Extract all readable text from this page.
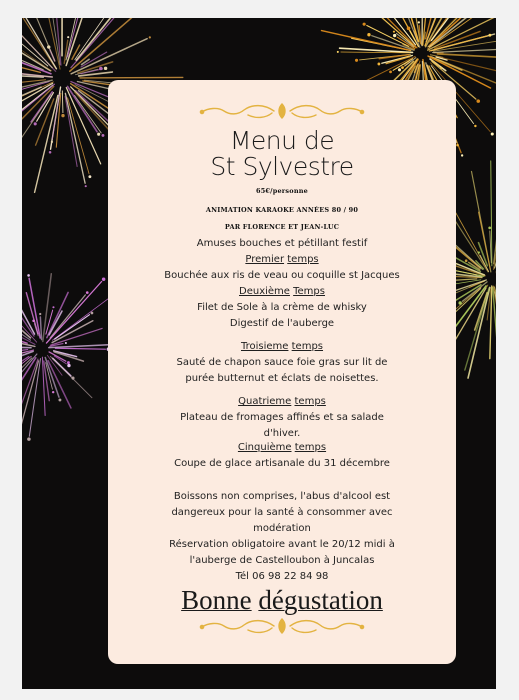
Menu de
St Sylvestre
65€/personne
ANIMATION KARAOKE ANNÉES 80 / 90
PAR FLORENCE ET JEAN-LUC
Amuses bouches et pétillant festif
Premier temps
Bouchée aux ris de veau ou coquille st Jacques
Deuxième Temps
Filet de Sole à la crème de whisky
Digestif de l'auberge
Troisieme temps
Sauté de chapon sauce foie gras sur lit de
purée butternut et éclats de noisettes.
Quatrieme temps
Plateau de fromages affinés et sa salade
d'hiver.
Cinquième temps
Coupe de glace artisanale du 31 décembre
Boissons non comprises, l'abus d'alcool est
dangereux pour la santé à consommer avec
modération
Réservation obligatoire avant le 20/12 midi à
l'auberge de Castelloubon à Juncalas
Tél 06 98 22 84 98
Bonne dégustation
